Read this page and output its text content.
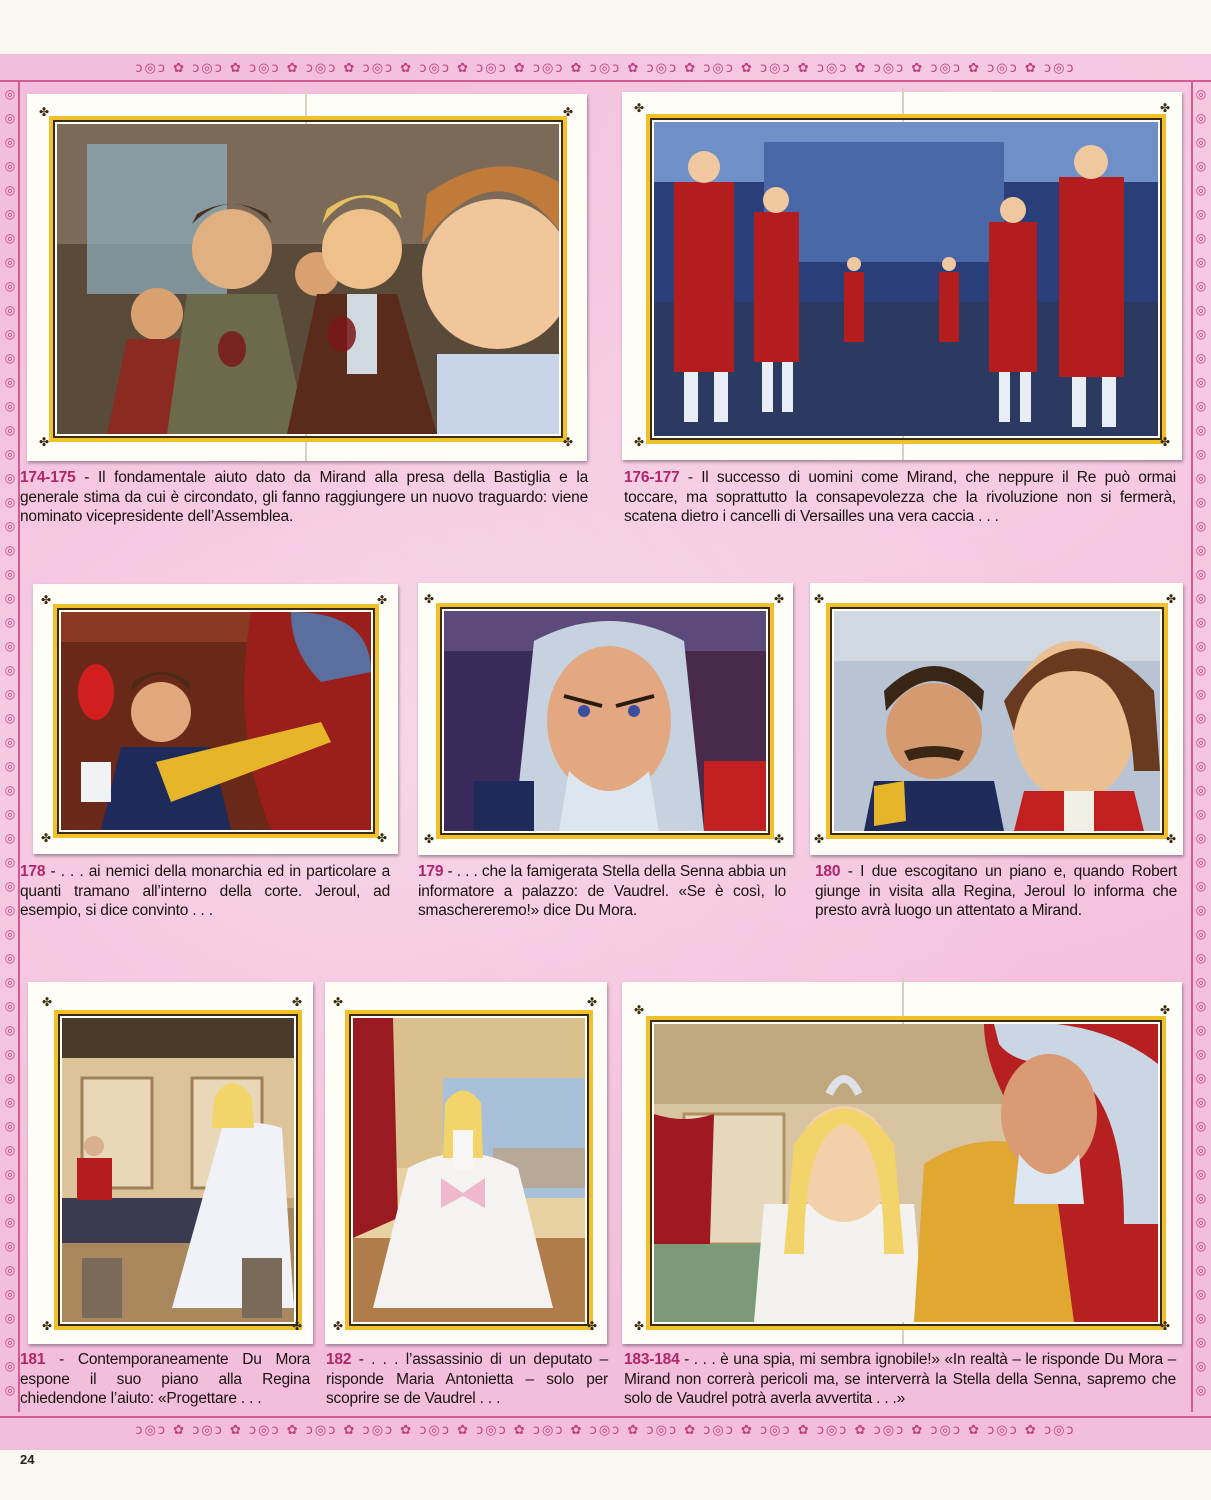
ↄ◎ↄ ✿ ↄ◎ↄ ✿ ↄ◎ↄ ✿ ↄ◎ↄ ✿ ↄ◎ↄ ✿ ↄ◎ↄ ✿ ↄ◎ↄ ✿ ↄ◎ↄ ✿ ↄ◎ↄ ✿ ↄ◎ↄ ✿ ↄ◎ↄ ✿ ↄ◎ↄ ✿ ↄ◎ↄ ✿ ↄ◎ↄ ✿ ↄ◎ↄ ✿ ↄ◎ↄ ✿ ↄ◎ↄ
ↄ◎ↄ ✿ ↄ◎ↄ ✿ ↄ◎ↄ ✿ ↄ◎ↄ ✿ ↄ◎ↄ ✿ ↄ◎ↄ ✿ ↄ◎ↄ ✿ ↄ◎ↄ ✿ ↄ◎ↄ ✿ ↄ◎ↄ ✿ ↄ◎ↄ ✿ ↄ◎ↄ ✿ ↄ◎ↄ ✿ ↄ◎ↄ ✿ ↄ◎ↄ ✿ ↄ◎ↄ ✿ ↄ◎ↄ
◎ ◎ ◎ ◎ ◎ ◎ ◎ ◎ ◎ ◎ ◎ ◎ ◎ ◎ ◎ ◎ ◎ ◎ ◎ ◎ ◎ ◎ ◎ ◎ ◎ ◎ ◎ ◎ ◎ ◎ ◎ ◎ ◎ ◎ ◎ ◎ ◎ ◎ ◎ ◎ ◎ ◎ ◎ ◎ ◎ ◎ ◎ ◎ ◎ ◎ ◎ ◎ ◎ ◎ ◎
◎ ◎ ◎ ◎ ◎ ◎ ◎ ◎ ◎ ◎ ◎ ◎ ◎ ◎ ◎ ◎ ◎ ◎ ◎ ◎ ◎ ◎ ◎ ◎ ◎ ◎ ◎ ◎ ◎ ◎ ◎ ◎ ◎ ◎ ◎ ◎ ◎ ◎ ◎ ◎ ◎ ◎ ◎ ◎ ◎ ◎ ◎ ◎ ◎ ◎ ◎ ◎ ◎ ◎ ◎
✤	✤
✤	✤
✤	✤
✤	✤
174-175 - Il fondamentale aiuto dato da Mirand alla presa della Bastiglia e la generale stima da cui è circondato, gli fanno raggiungere un nuovo traguardo: viene nominato vicepresidente dell’Assemblea.
176-177 - Il successo di uomini come Mirand, che neppure il Re può ormai toccare, ma soprattutto la consapevolezza che la rivoluzione non si fermerà, scatena dietro i cancelli di Versailles una vera caccia . . .
✤	✤
✤	✤
✤	✤
✤	✤
✤	✤
✤	✤
178 - . . . ai nemici della monarchia ed in particolare a quanti tramano all’interno della corte. Jeroul, ad esempio, si dice convinto . . .
179 - . . . che la famigerata Stella della Senna abbia un informatore a palazzo: de Vaudrel. «Se è così, lo smaschereremo!» dice Du Mora.
180 - I due escogitano un piano e, quando Robert giunge in visita alla Regina, Jeroul lo informa che presto avrà luogo un attentato a Mirand.
✤	✤
✤	✤
✤	✤
✤	✤
✤	✤
✤	✤
181 - Contemporaneamente Du Mora espone il suo piano alla Regina chiedendone l’aiuto: «Progettare . . .
182 - . . . l’assassinio di un deputato – risponde Maria Antonietta – solo per scoprire se de Vaudrel . . .
183-184 - . . . è una spia, mi sembra ignobile!» «In realtà – le risponde Du Mora – Mirand non correrà pericoli ma, se interverrà la Stella della Senna, sapremo che solo de Vaudrel potrà averla avvertita . . .»
24
